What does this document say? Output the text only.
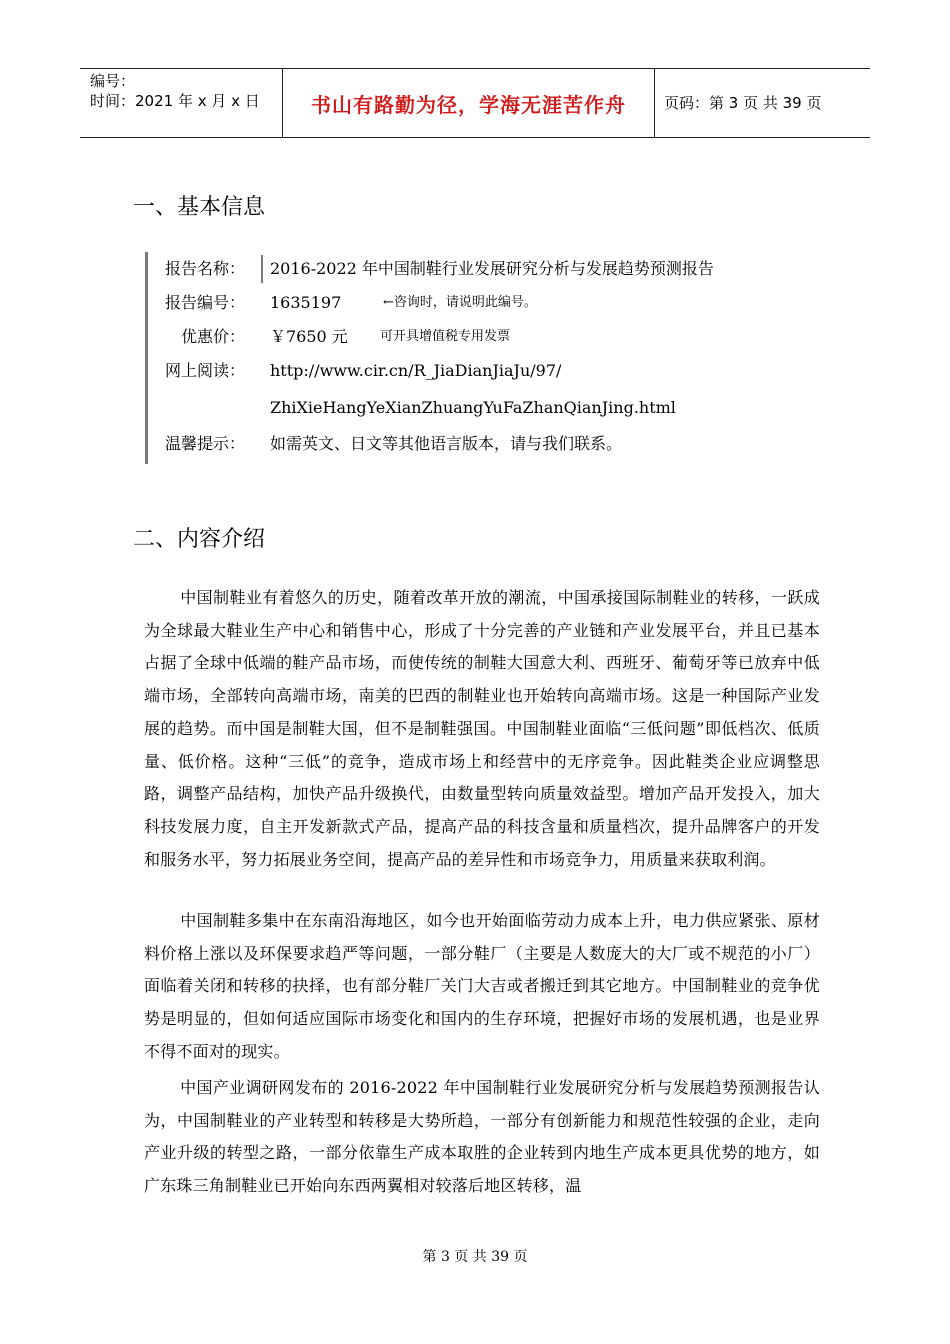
编号：
时间：2021 年 x 月 x 日	书山有路勤为径，学海无涯苦作舟	页码：第 3 页 共 39 页
一、基本信息
报告名称： 2016-2022 年中国制鞋行业发展研究分析与发展趋势预测报告
报告编号： 1635197	←咨询时，请说明此编号。
优惠价： ￥7650 元 可开具增值税专用发票
网上阅读： http://www.cir.cn/R_JiaDianJiaJu/97/
ZhiXieHangYeXianZhuangYuFaZhanQianJing.html
温馨提示： 如需英文、日文等其他语言版本，请与我们联系。
二、内容介绍
中国制鞋业有着悠久的历史，随着改革开放的潮流，中国承接国际制鞋业的转移，一跃成为全球最大鞋业生产中心和销售中心，形成了十分完善的产业链和产业发展平台，并且已基本占据了全球中低端的鞋产品市场，而使传统的制鞋大国意大利、西班牙、葡萄牙等已放弃中低端市场，全部转向高端市场，南美的巴西的制鞋业也开始转向高端市场。这是一种国际产业发展的趋势。而中国是制鞋大国，但不是制鞋强国。中国制鞋业面临“三低问题”即低档次、低质量、低价格。这种“三低”的竞争，造成市场上和经营中的无序竞争。因此鞋类企业应调整思路，调整产品结构，加快产品升级换代，由数量型转向质量效益型。增加产品开发投入，加大科技发展力度，自主开发新款式产品，提高产品的科技含量和质量档次，提升品牌客户的开发和服务水平，努力拓展业务空间，提高产品的差异性和市场竞争力，用质量来获取利润。
中国制鞋多集中在东南沿海地区，如今也开始面临劳动力成本上升，电力供应紧张、原材料价格上涨以及环保要求趋严等问题，一部分鞋厂（主要是人数庞大的大厂或不规范的小厂）面临着关闭和转移的抉择，也有部分鞋厂关门大吉或者搬迁到其它地方。中国制鞋业的竞争优势是明显的，但如何适应国际市场变化和国内的生存环境，把握好市场的发展机遇，也是业界不得不面对的现实。
中国产业调研网发布的 2016-2022 年中国制鞋行业发展研究分析与发展趋势预测报告认为，中国制鞋业的产业转型和转移是大势所趋，一部分有创新能力和规范性较强的企业，走向产业升级的转型之路，一部分依靠生产成本取胜的企业转到内地生产成本更具优势的地方，如广东珠三角制鞋业已开始向东西两翼相对较落后地区转移，温
第 3 页 共 39 页
